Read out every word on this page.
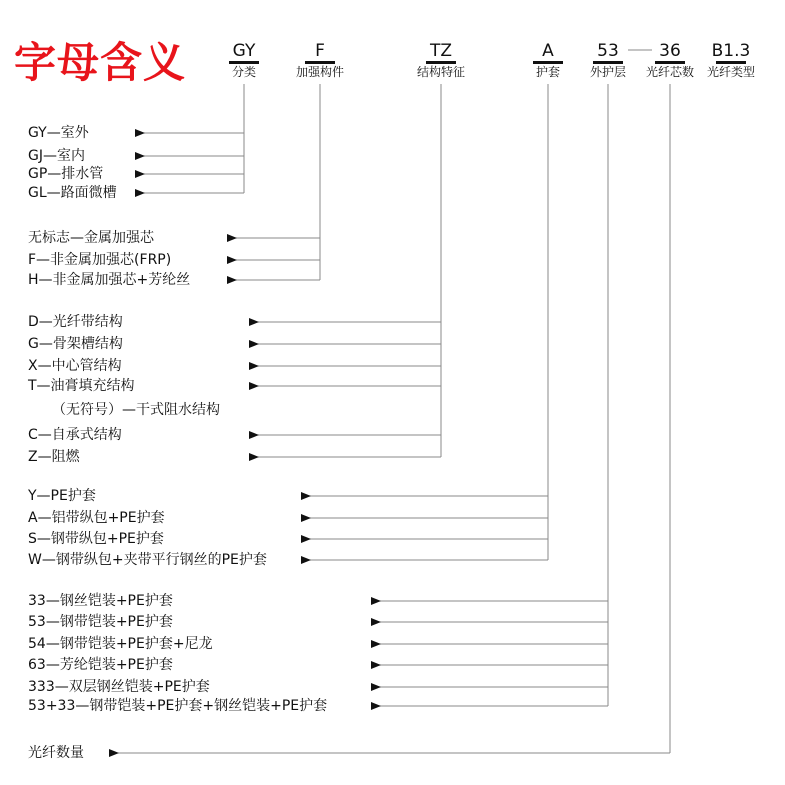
字母含义	GY
分类
F
加强构件
TZ
结构特征
A
护套
53
外护层
36
光纤芯数
B1.3
光纤类型
GY—室外
GJ—室内
GP—排水管
GL—路面微槽
无标志—金属加强芯
F—非金属加强芯(FRP)
H—非金属加强芯+芳纶丝
D—光纤带结构
G—骨架槽结构
X—中心管结构
T—油膏填充结构
（无符号）—干式阻水结构
C—自承式结构
Z—阻燃
Y—PE护套
A—铝带纵包+PE护套
S—钢带纵包+PE护套
W—钢带纵包+夹带平行钢丝的PE护套
33—钢丝铠装+PE护套
53—钢带铠装+PE护套
54—钢带铠装+PE护套+尼龙
63—芳纶铠装+PE护套
333—双层钢丝铠装+PE护套
53+33—钢带铠装+PE护套+钢丝铠装+PE护套
光纤数量
